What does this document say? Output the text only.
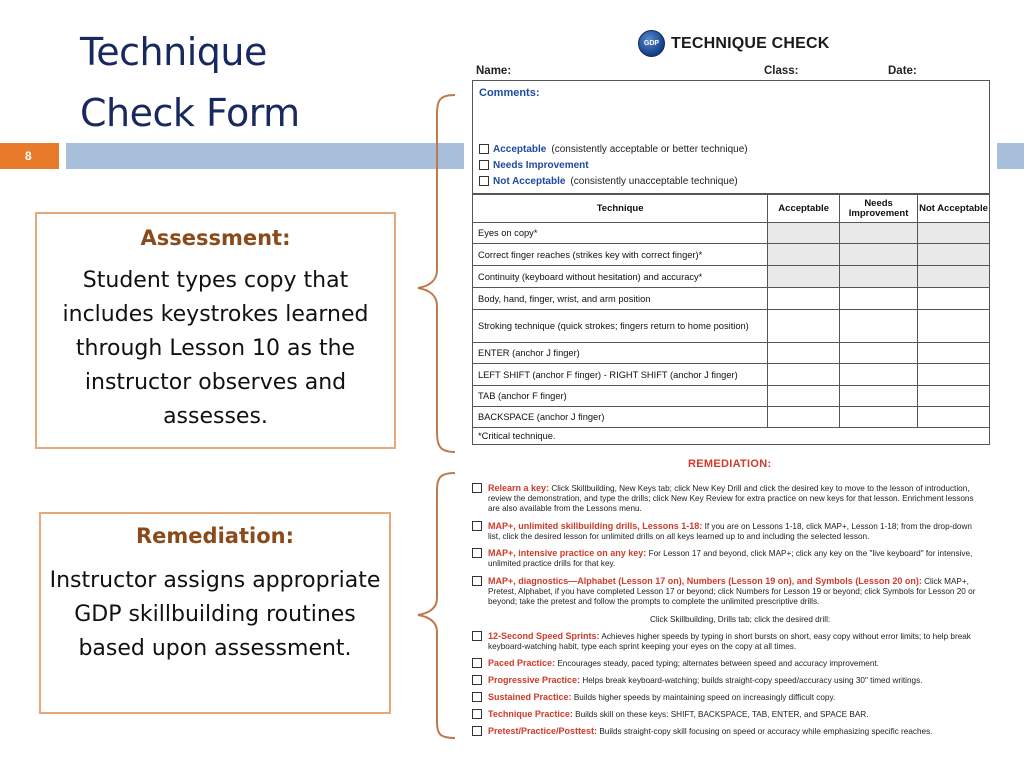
Technique
Check Form
8
Assessment:

Student types copy that includes keystrokes learned through Lesson 10 as the instructor observes and assesses.

Remediation:

Instructor assigns appropriate GDP skillbuilding routines based upon assessment.

GDP TECHNIQUE CHECK
Name:	Class:	Date:
Comments:
Acceptable (consistently acceptable or better technique)
Needs Improvement
Not Acceptable (consistently unacceptable technique)
Technique	Acceptable	Needs Improvement	Not Acceptable
Eyes on copy*			
Correct finger reaches (strikes key with correct finger)*			
Continuity (keyboard without hesitation) and accuracy*			
Body, hand, finger, wrist, and arm position			
Stroking technique (quick strokes; fingers return to home position)			
ENTER (anchor J finger)			
LEFT SHIFT (anchor F finger) - RIGHT SHIFT (anchor J finger)			
TAB (anchor F finger)			
BACKSPACE (anchor J finger)			
*Critical technique.			
REMEDIATION:
Relearn a key: Click Skillbuilding, New Keys tab; click New Key Drill and click the desired key to move to the lesson of introduction, review the demonstration, and type the drills; click New Key Review for extra practice on new keys for that lesson. Enrichment lessons are also available from the Lessons menu.
MAP+, unlimited skillbuilding drills, Lessons 1-18: If you are on Lessons 1-18, click MAP+, Lesson 1-18; from the drop-down list, click the desired lesson for unlimited drills on all keys learned up to and including the selected lesson.
MAP+, intensive practice on any key: For Lesson 17 and beyond, click MAP+; click any key on the "live keyboard" for intensive, unlimited practice drills for that key.
MAP+, diagnostics—Alphabet (Lesson 17 on), Numbers (Lesson 19 on), and Symbols (Lesson 20 on): Click MAP+, Pretest, Alphabet, if you have completed Lesson 17 or beyond; click Numbers for Lesson 19 or beyond; click Symbols for Lesson 20 or beyond; take the pretest and follow the prompts to complete the unlimited prescriptive drills.
Click Skillbuilding, Drills tab; click the desired drill:
12-Second Speed Sprints: Achieves higher speeds by typing in short bursts on short, easy copy without error limits; to help break keyboard-watching habit, type each sprint keeping your eyes on the copy at all times.
Paced Practice: Encourages steady, paced typing; alternates between speed and accuracy improvement.
Progressive Practice: Helps break keyboard-watching; builds straight-copy speed/accuracy using 30" timed writings.
Sustained Practice: Builds higher speeds by maintaining speed on increasingly difficult copy.
Technique Practice: Builds skill on these keys: SHIFT, BACKSPACE, TAB, ENTER, and SPACE BAR.
Pretest/Practice/Posttest: Builds straight-copy skill focusing on speed or accuracy while emphasizing specific reaches.
